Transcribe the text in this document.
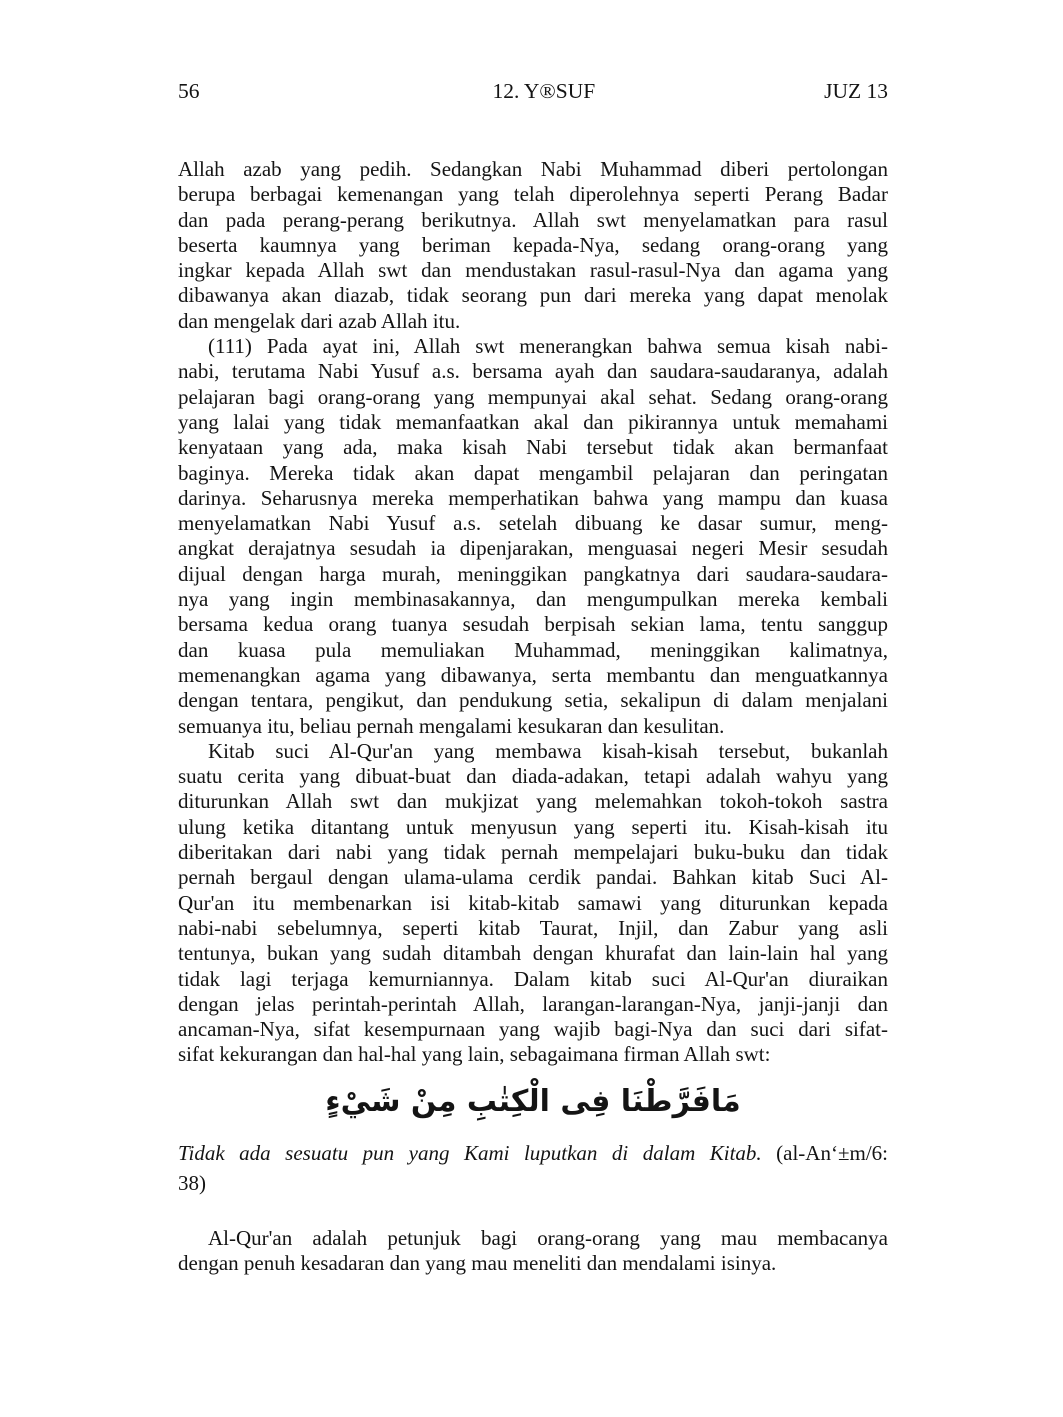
56	12. Y®SUF	JUZ 13
Allah azab yang pedih. Sedangkan Nabi Muhammad diberi pertolongan
berupa berbagai kemenangan yang telah diperolehnya seperti Perang Badar
dan pada perang-perang berikutnya. Allah swt menyelamatkan para rasul
beserta kaumnya yang beriman kepada-Nya, sedang orang-orang yang
ingkar kepada Allah swt dan mendustakan rasul-rasul-Nya dan agama yang
dibawanya akan diazab, tidak seorang pun dari mereka yang dapat menolak
dan mengelak dari azab Allah itu.
(111) Pada ayat ini, Allah swt menerangkan bahwa semua kisah nabi-
nabi, terutama Nabi Yusuf a.s. bersama ayah dan saudara-saudaranya, adalah
pelajaran bagi orang-orang yang mempunyai akal sehat. Sedang orang-orang
yang lalai yang tidak memanfaatkan akal dan pikirannya untuk memahami
kenyataan yang ada, maka kisah Nabi tersebut tidak akan bermanfaat
baginya. Mereka tidak akan dapat mengambil pelajaran dan peringatan
darinya. Seharusnya mereka memperhatikan bahwa yang mampu dan kuasa
menyelamatkan Nabi Yusuf a.s. setelah dibuang ke dasar sumur, meng-
angkat derajatnya sesudah ia dipenjarakan, menguasai negeri Mesir sesudah
dijual dengan harga murah, meninggikan pangkatnya dari saudara-saudara-
nya yang ingin membinasakannya, dan mengumpulkan mereka kembali
bersama kedua orang tuanya sesudah berpisah sekian lama, tentu sanggup
dan kuasa pula memuliakan Muhammad, meninggikan kalimatnya,
memenangkan agama yang dibawanya, serta membantu dan menguatkannya
dengan tentara, pengikut, dan pendukung setia, sekalipun di dalam menjalani
semuanya itu, beliau pernah mengalami kesukaran dan kesulitan.
Kitab suci Al-Qur'an yang membawa kisah-kisah tersebut, bukanlah
suatu cerita yang dibuat-buat dan diada-adakan, tetapi adalah wahyu yang
diturunkan Allah swt dan mukjizat yang melemahkan tokoh-tokoh sastra
ulung ketika ditantang untuk menyusun yang seperti itu. Kisah-kisah itu
diberitakan dari nabi yang tidak pernah mempelajari buku-buku dan tidak
pernah bergaul dengan ulama-ulama cerdik pandai. Bahkan kitab Suci Al-
Qur'an itu membenarkan isi kitab-kitab samawi yang diturunkan kepada
nabi-nabi sebelumnya, seperti kitab Taurat, Injil, dan Zabur yang asli
tentunya, bukan yang sudah ditambah dengan khurafat dan lain-lain hal yang
tidak lagi terjaga kemurniannya. Dalam kitab suci Al-Qur'an diuraikan
dengan jelas perintah-perintah Allah, larangan-larangan-Nya, janji-janji dan
ancaman-Nya, sifat kesempurnaan yang wajib bagi-Nya dan suci dari sifat-
sifat kekurangan dan hal-hal yang lain, sebagaimana firman Allah swt:
مَافَرَّطْنَا فِى الْكِتٰبِ مِنْ شَيْءٍ
Tidak ada sesuatu pun yang Kami luputkan di dalam Kitab. (al-An‘±m/6:
38)
Al-Qur'an adalah petunjuk bagi orang-orang yang mau membacanya
dengan penuh kesadaran dan yang mau meneliti dan mendalami isinya.
